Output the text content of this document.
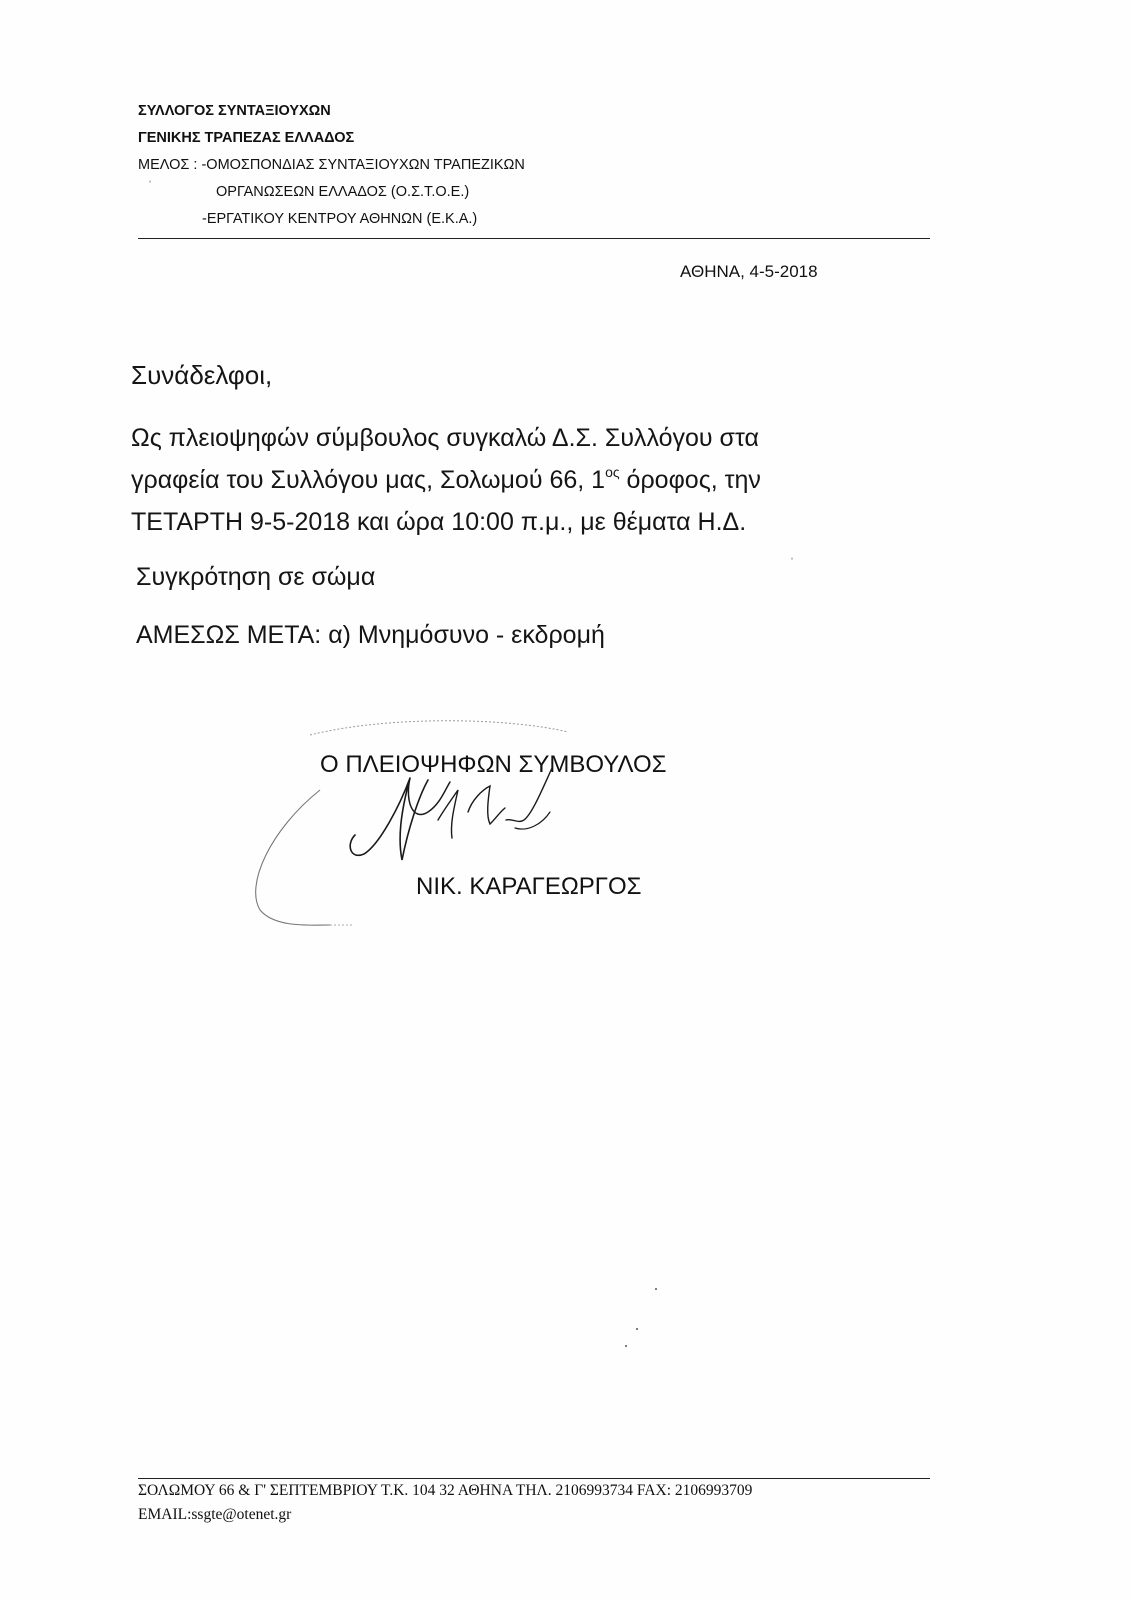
ΣΥΛΛΟΓΟΣ ΣΥΝΤΑΞΙΟΥΧΩΝ
ΓΕΝΙΚΗΣ ΤΡΑΠΕΖΑΣ ΕΛΛΑΔΟΣ
ΜΕΛΟΣ : -ΟΜΟΣΠΟΝΔΙΑΣ ΣΥΝΤΑΞΙΟΥΧΩΝ ΤΡΑΠΕΖΙΚΩΝ
ΟΡΓΑΝΩΣΕΩΝ ΕΛΛΑΔΟΣ (Ο.Σ.Τ.Ο.Ε.)
-ΕΡΓΑΤΙΚΟΥ ΚΕΝΤΡΟΥ ΑΘΗΝΩΝ (Ε.Κ.Α.)
ˈ
ΑΘΗΝΑ, 4-5-2018
Συνάδελφοι,
Ως πλειοψηφών σύμβουλος συγκαλώ Δ.Σ. Συλλόγου στα
γραφεία του Συλλόγου μας, Σολωμού 66, $1^{o\varsigma}$ όροφος, την
ΤΕΤΑΡΤΗ 9-5-2018 και ώρα 10:00 π.μ., με θέματα Η.Δ.
Συγκρότηση σε σώμα
ΑΜΕΣΩΣ ΜΕΤΑ: α) Μνημόσυνο - εκδρομή
ˈ
Ο ΠΛΕΙΟΨΗΦΩΝ ΣΥΜΒΟΥΛΟΣ
ΝΙΚ. ΚΑΡΑΓΕΩΡΓΟΣ
ΣΟΛΩΜΟΥ 66 & Γ' ΣΕΠΤΕΜΒΡΙΟΥ Τ.Κ. 104 32 ΑΘΗΝΑ ΤΗΛ. 2106993734 FAX: 2106993709
EMAIL:ssgte@otenet.gr
